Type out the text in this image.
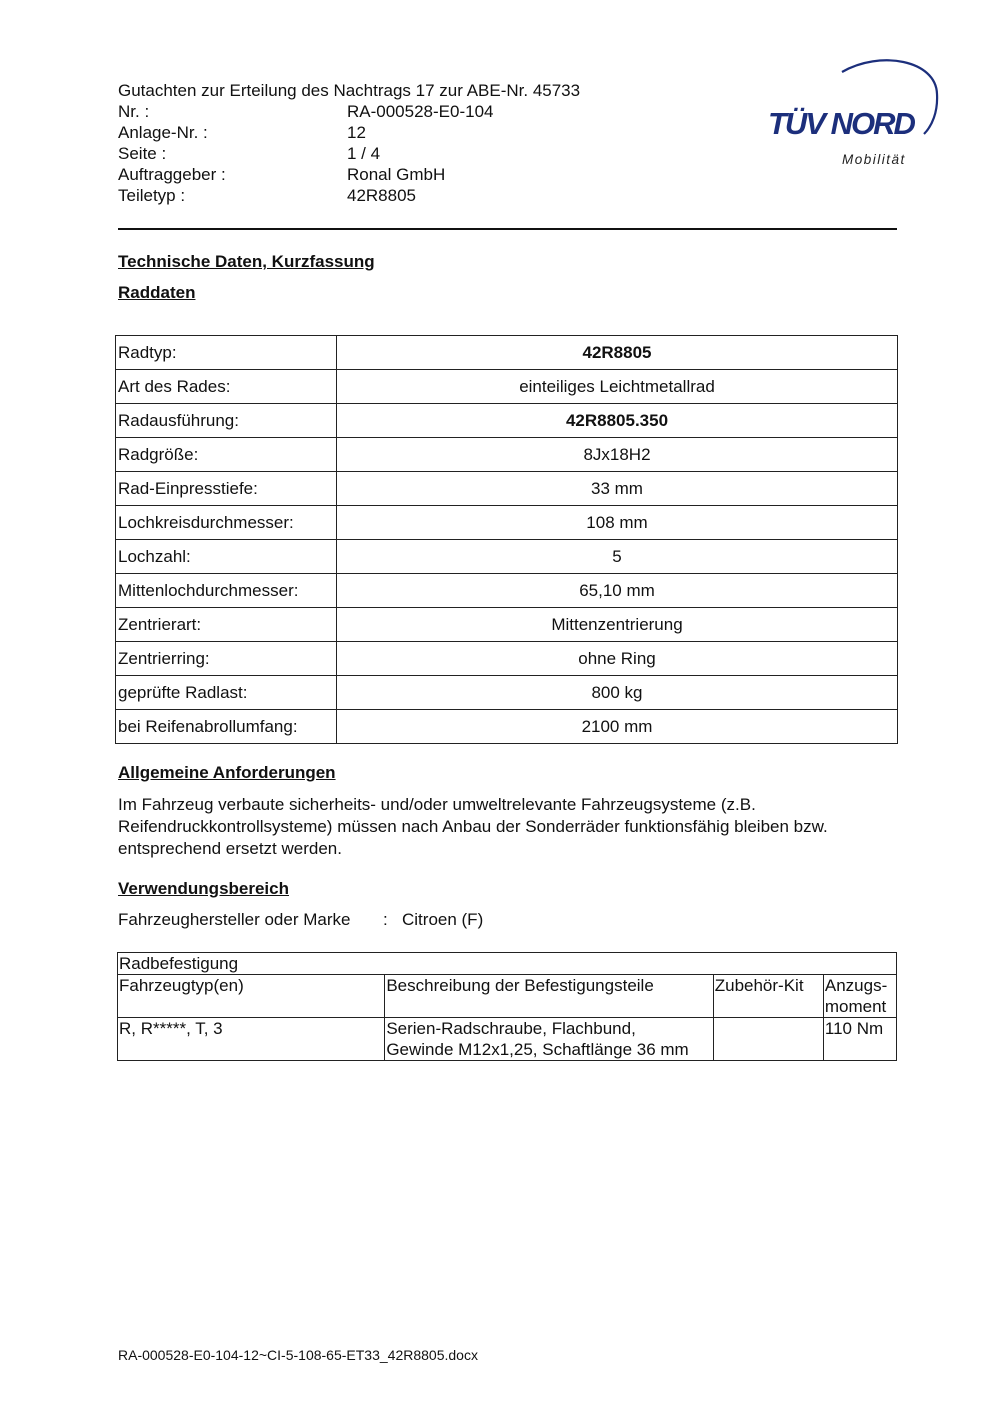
Gutachten zur Erteilung des Nachtrags 17 zur ABE-Nr. 45733
Nr. :	RA-000528-E0-104
Anlage-Nr. :	12
Seite :	1 / 4
Auftraggeber :	Ronal GmbH
Teiletyp :	42R8805
TÜV NORD
Mobilität
Technische Daten, Kurzfassung
Raddaten
Radtyp:	42R8805
Art des Rades:	einteiliges Leichtmetallrad
Radausführung:	42R8805.350
Radgröße:	8Jx18H2
Rad-Einpresstiefe:	33 mm
Lochkreisdurchmesser:	108 mm
Lochzahl:	5
Mittenlochdurchmesser:	65,10 mm
Zentrierart:	Mittenzentrierung
Zentrierring:	ohne Ring
geprüfte Radlast:	800 kg
bei Reifenabrollumfang:	2100 mm
Allgemeine Anforderungen
Im Fahrzeug verbaute sicherheits- und/oder umweltrelevante Fahrzeugsysteme (z.B. Reifendruckkontrollsysteme) müssen nach Anbau der Sonderräder funktionsfähig bleiben bzw. entsprechend ersetzt werden.
Verwendungsbereich
Fahrzeughersteller oder Marke : Citroen (F)
Radbefestigung			
Fahrzeugtyp(en)	Beschreibung der Befestigungsteile	Zubehör-Kit	Anzugs-
moment
R, R*****, T, 3	Serien-Radschraube, Flachbund,
Gewinde M12x1,25, Schaftlänge 36 mm		110 Nm
RA-000528-E0-104-12~CI-5-108-65-ET33_42R8805.docx
